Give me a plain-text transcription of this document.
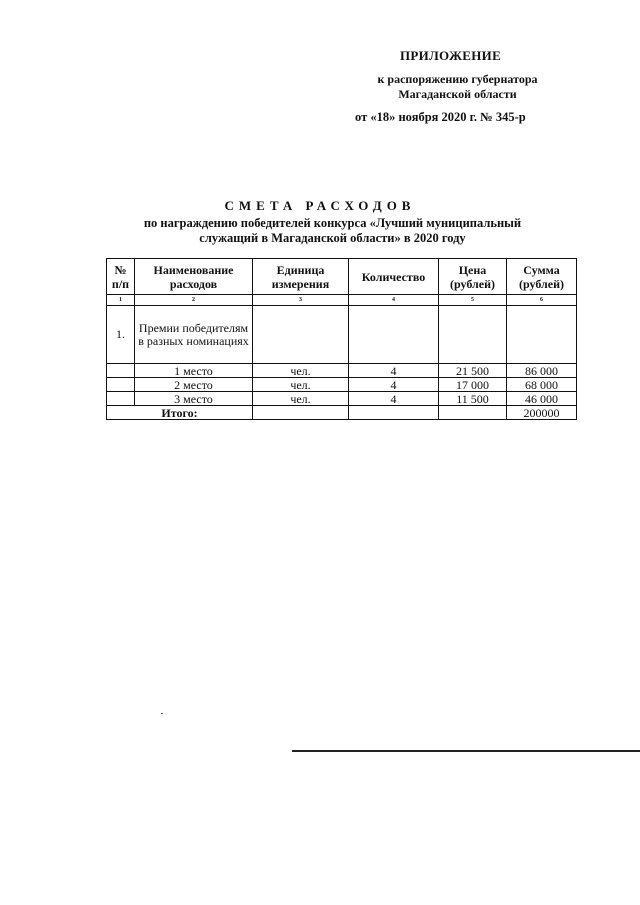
ПРИЛОЖЕНИЕ
к распоряжению губернатора
Магаданской области
от «18» ноября 2020 г. № 345-р
СМЕТА РАСХОДОВ
по награждению победителей конкурса «Лучший муниципальный
служащий в Магаданской области» в 2020 году
№ п/п	Наименование расходов	Единица измерения	Количество	Цена (рублей)	Сумма (рублей)
1	2	3	4	5	6
1.	Премии победителям в разных номинациях				
	1 место	чел.	4	21 500	86 000
	2 место	чел.	4	17 000	68 000
	3 место	чел.	4	11 500	46 000
Итого:					200000
